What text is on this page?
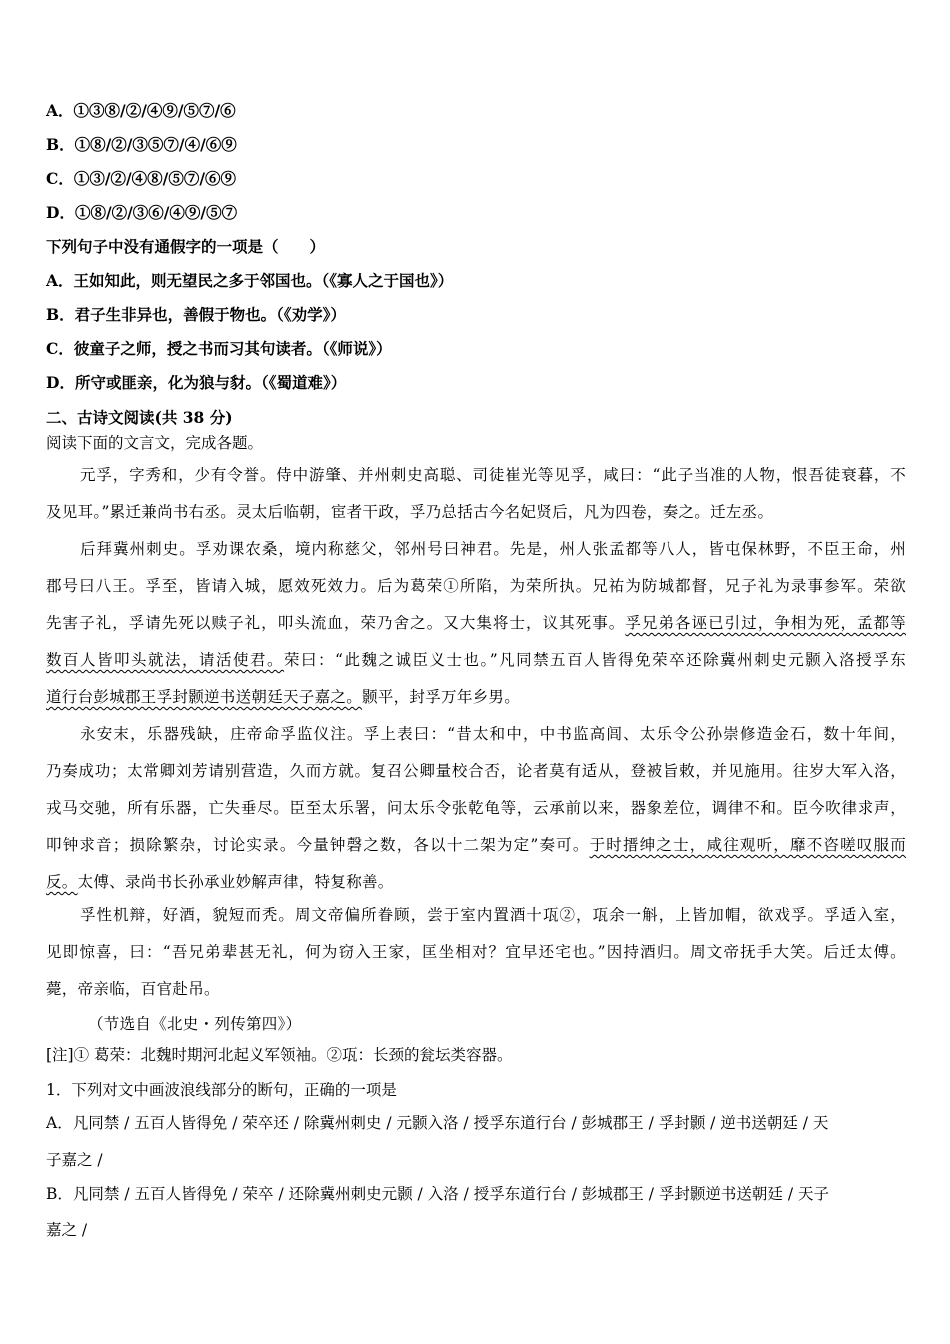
A．①③⑧/②/④⑨/⑤⑦/⑥
B．①⑧/②/③⑤⑦/④/⑥⑨
C．①③/②/④⑧/⑤⑦/⑥⑨
D．①⑧/②/③⑥/④⑨/⑤⑦
下列句子中没有通假字的一项是（　　）
A．王如知此，则无望民之多于邻国也。（《寡人之于国也》）
B．君子生非异也，善假于物也。（《劝学》）
C．彼童子之师，授之书而习其句读者。（《师说》）
D．所守或匪亲，化为狼与豺。（《蜀道难》）
二、古诗文阅读(共 38 分)
阅读下面的文言文，完成各题。
元孚，字秀和，少有令誉。侍中游肇、并州刺史高聪、司徒崔光等见孚，咸曰：“此子当准的人物，恨吾徒衰暮，不
及见耳。”累迁兼尚书右丞。灵太后临朝，宦者干政，孚乃总括古今名妃贤后，凡为四卷，奏之。迁左丞。
后拜冀州刺史。孚劝课农桑，境内称慈父，邻州号曰神君。先是，州人张孟都等八人，皆屯保林野，不臣王命，州
郡号曰八王。孚至，皆请入城，愿效死效力。后为葛荣①所陷，为荣所执。兄祐为防城都督，兄子礼为录事参军。荣欲
先害子礼，孚请先死以赎子礼，叩头流血，荣乃舍之。又大集将士，议其死事。孚兄弟各诬已引过，争相为死，孟都等
数百人皆叩头就法，请活使君。荣曰：“此魏之诚臣义士也。”凡同禁五百人皆得免荣卒还除冀州刺史元颢入洛授孚东
道行台彭城郡王孚封颢逆书送朝廷天子嘉之。颢平，封孚万年乡男。
永安末，乐器残缺，庄帝命孚监仪注。孚上表曰：“昔太和中，中书监高闾、太乐令公孙崇修造金石，数十年间，
乃奏成功；太常卿刘芳请别营造，久而方就。复召公卿量校合否，论者莫有适从，登被旨敕，并见施用。往岁大军入洛，
戎马交驰，所有乐器，亡失垂尽。臣至太乐署，问太乐令张乾龟等，云承前以来，器象差位，调律不和。臣今吹律求声，
叩钟求音；损除繁杂，讨论实录。今量钟磬之数，各以十二架为定”奏可。于时搢绅之士，咸往观听，靡不咨嗟叹服而
反。太傅、录尚书长孙承业妙解声律，特复称善。
孚性机辩，好酒，貌短而秃。周文帝偏所眷顾，尝于室内置酒十瓨②，瓨余一斛，上皆加帽，欲戏孚。孚适入室，
见即惊喜，曰：“吾兄弟辈甚无礼，何为窃入王家，匡坐相对？宜早还宅也。”因持酒归。周文帝抚手大笑。后迁太傅。
薨，帝亲临，百官赴吊。
（节选自《北史・列传第四》）
[注]① 葛荣：北魏时期河北起义军领袖。②瓨：长颈的瓮坛类容器。
1．下列对文中画波浪线部分的断句，正确的一项是
A．凡同禁 / 五百人皆得免 / 荣卒还 / 除冀州刺史 / 元颢入洛 / 授孚东道行台 / 彭城郡王 / 孚封颢 / 逆书送朝廷 / 天
子嘉之 /
B．凡同禁 / 五百人皆得免 / 荣卒 / 还除冀州刺史元颢 / 入洛 / 授孚东道行台 / 彭城郡王 / 孚封颢逆书送朝廷 / 天子
嘉之 /
